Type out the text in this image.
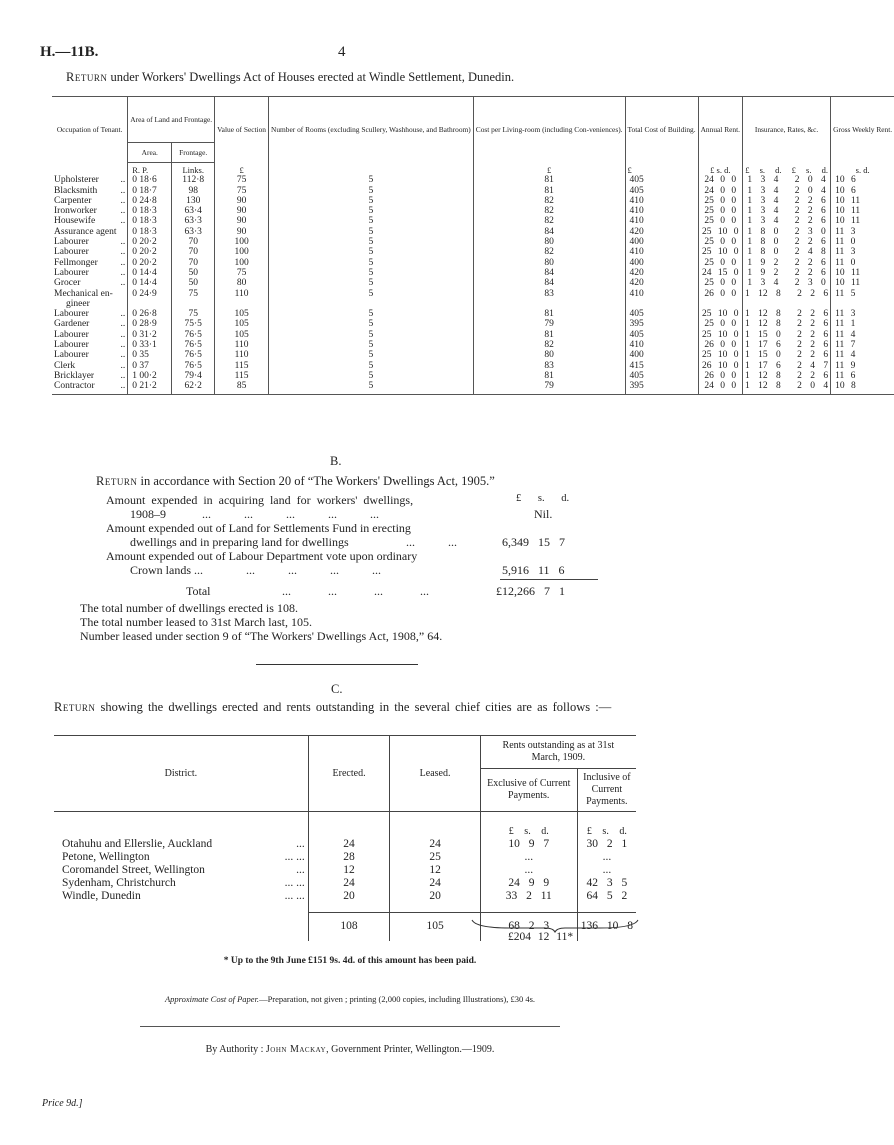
H.—11B.	4
Return under Workers' Dwellings Act of Houses erected at Windle Settlement, Dunedin.
Occupation of Tenant.		Area of Land and Frontage.		Value of Section	Number of Rooms (excluding Scullery, Washhouse, and Bathroom)	Cost per Living-room (including Con-veniences).	Total Cost of Building.	Annual Rent.	Insurance, Rates, &c.	Gross Weekly Rent.
		Area.	Frontage.							
		R. P.	Links.	£		£	£	£ s. d.	£ s. d. £ s. d.	s. d.
Upholsterer	..	0 18·6	112·8	75	5	81	405	24 0 0	1 3 4 2 0 4	10 6
Blacksmith	..	0 18·7	98	75	5	81	405	24 0 0	1 3 4 2 0 4	10 6
Carpenter	..	0 24·8	130	90	5	82	410	25 0 0	1 3 4 2 2 6	10 11
Ironworker	..	0 18·3	63·4	90	5	82	410	25 0 0	1 3 4 2 2 6	10 11
Housewife	..	0 18·3	63·3	90	5	82	410	25 0 0	1 3 4 2 2 6	10 11
Assurance agent		0 18·3	63·3	90	5	84	420	25 10 0	1 8 0 2 3 0	11 3
Labourer	..	0 20·2	70	100	5	80	400	25 0 0	1 8 0 2 2 6	11 0
Labourer	..	0 20·2	70	100	5	82	410	25 10 0	1 8 0 2 4 8	11 3
Fellmonger	..	0 20·2	70	100	5	80	400	25 0 0	1 9 2 2 2 6	11 0
Labourer	..	0 14·4	50	75	5	84	420	24 15 0	1 9 2 2 2 6	10 11
Grocer	..	0 14·4	50	80	5	84	420	25 0 0	1 3 4 2 3 0	10 11
Mechanical en-		0 24·9	75	110	5	83	410	26 0 0	1 12 8 2 2 6	11 5
gineer										
Labourer	..	0 26·8	75	105	5	81	405	25 10 0	1 12 8 2 2 6	11 3
Gardener	..	0 28·9	75·5	105	5	79	395	25 0 0	1 12 8 2 2 6	11 1
Labourer	..	0 31·2	76·5	105	5	81	405	25 10 0	1 15 0 2 2 6	11 4
Labourer	..	0 33·1	76·5	110	5	82	410	26 0 0	1 17 6 2 2 6	11 7
Labourer	..	0 35	76·5	110	5	80	400	25 10 0	1 15 0 2 2 6	11 4
Clerk	..	0 37	76·5	115	5	83	415	26 10 0	1 17 6 2 4 7	11 9
Bricklayer	..	1 00·2	79·4	115	5	81	405	26 0 0	1 12 8 2 2 6	11 6
Contractor	..	0 21·2	62·2	85	5	79	395	24 0 0	1 12 8 2 0 4	10 8

B.
Return in accordance with Section 20 of “The Workers' Dwellings Act, 1905.”
£ s. d.
Amount expended in acquiring land for workers' dwellings,
1908–9	... ... ... ... ...	Nil.
Amount expended out of Land for Settlements Fund in erecting
dwellings and in preparing land for dwellings	... ...	6,349 15 7
Amount expended out of Labour Department vote upon ordinary
Crown lands ...	... ... ... ...	5,916 11 6
Total	... ... ... ...	£12,266 7 1
The total number of dwellings erected is 108.
The total number leased to 31st March last, 105.
Number leased under section 9 of “The Workers' Dwellings Act, 1908,” 64.
C.
Return showing the dwellings erected and rents outstanding in the several chief cities are as follows :—
District.		Erected.	Leased.	Rents outstanding as at 31st March, 1909.	
				Exclusive of Current Payments.	Inclusive of Current Payments.
				£ s. d.	£ s. d.
Otahuhu and Ellerslie, Auckland	...	24	24	10 9 7	30 2 1
Petone, Wellington	... ...	28	25	...	...
Coromandel Street, Wellington	...	12	12	...	...
Sydenham, Christchurch	... ...	24	24	24 9 9	42 3 5
Windle, Dunedin	... ...	20	20	33 2 11	64 5 2

		108	105	68 2 3	136 10 8
£204 12 11*
* Up to the 9th June £151 9s. 4d. of this amount has been paid.
Approximate Cost of Paper.—Preparation, not given ; printing (2,000 copies, including Illustrations), £30 4s.
By Authority : John Mackay, Government Printer, Wellington.—1909.
Price 9d.]
